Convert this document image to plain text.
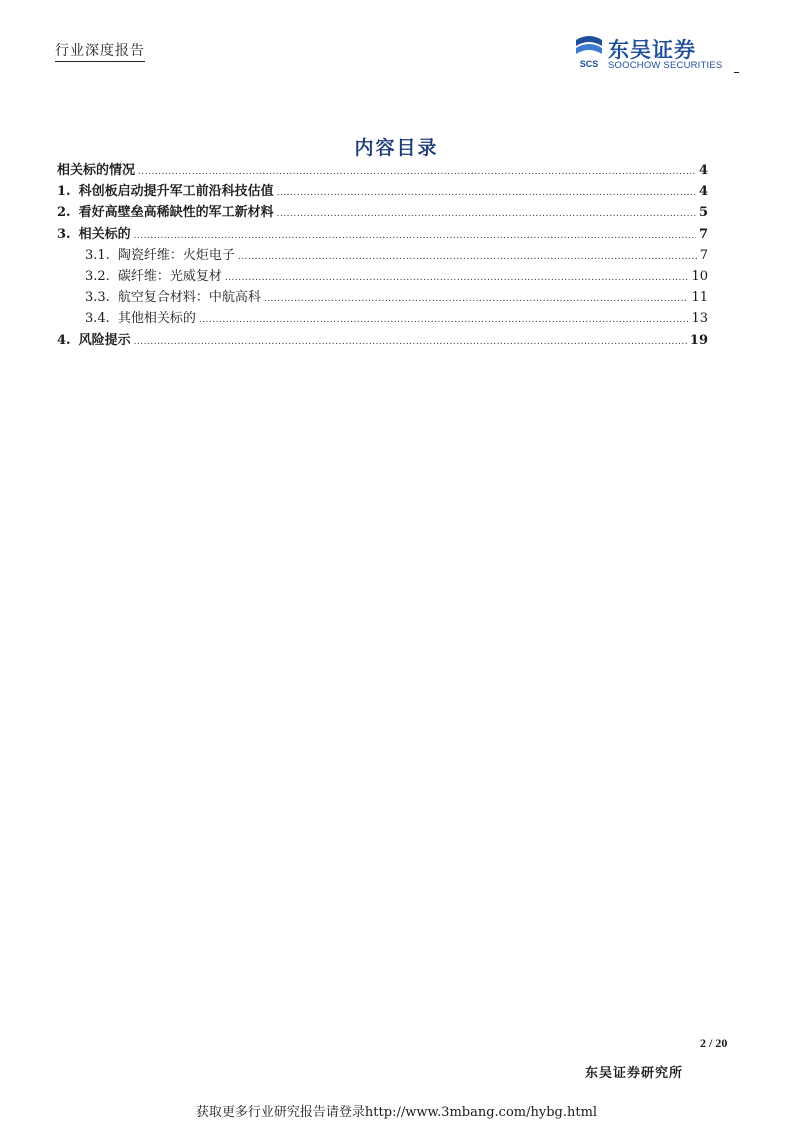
行业深度报告
SCS
东吴证券
SOOCHOW SECURITIES
内容目录
相关标的情况 .....	4
1. 科创板启动提升军工前沿科技估值 .....	4
2. 看好高壁垒高稀缺性的军工新材料 .....	5
3. 相关标的 .....	7
3.1. 陶瓷纤维：火炬电子 .....	7
3.2. 碳纤维：光威复材 .....	10
3.3. 航空复合材料：中航高科 .....	11
3.4. 其他相关标的 .....	13
4. 风险提示 .....	19
2 / 20
东吴证券研究所
获取更多行业研究报告请登录http://www.3mbang.com/hybg.html
